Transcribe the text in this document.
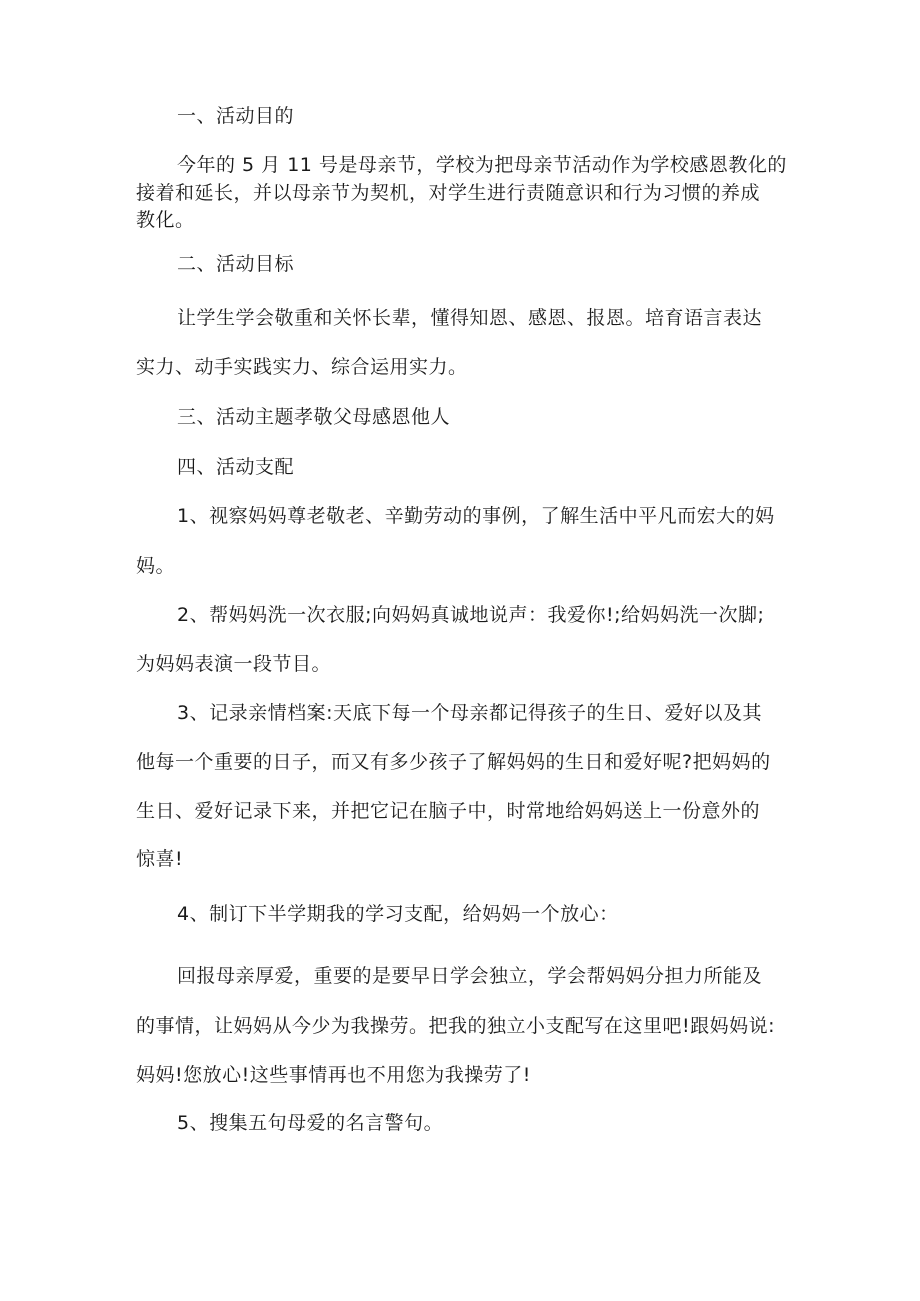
一、活动目的
今年的 5 月 11 号是母亲节，学校为把母亲节活动作为学校感恩教化的
接着和延长，并以母亲节为契机，对学生进行责随意识和行为习惯的养成
教化。
二、活动目标
让学生学会敬重和关怀长辈，懂得知恩、感恩、报恩。培育语言表达
实力、动手实践实力、综合运用实力。
三、活动主题孝敬父母感恩他人
四、活动支配
1、视察妈妈尊老敬老、辛勤劳动的事例，了解生活中平凡而宏大的妈
妈。
2、帮妈妈洗一次衣服;向妈妈真诚地说声：我爱你!;给妈妈洗一次脚;
为妈妈表演一段节目。
3、记录亲情档案:天底下每一个母亲都记得孩子的生日、爱好以及其
他每一个重要的日子，而又有多少孩子了解妈妈的生日和爱好呢?把妈妈的
生日、爱好记录下来，并把它记在脑子中，时常地给妈妈送上一份意外的
惊喜!
4、制订下半学期我的学习支配，给妈妈一个放心：
回报母亲厚爱，重要的是要早日学会独立，学会帮妈妈分担力所能及
的事情，让妈妈从今少为我操劳。把我的独立小支配写在这里吧!跟妈妈说:
妈妈!您放心!这些事情再也不用您为我操劳了!
5、搜集五句母爱的名言警句。
